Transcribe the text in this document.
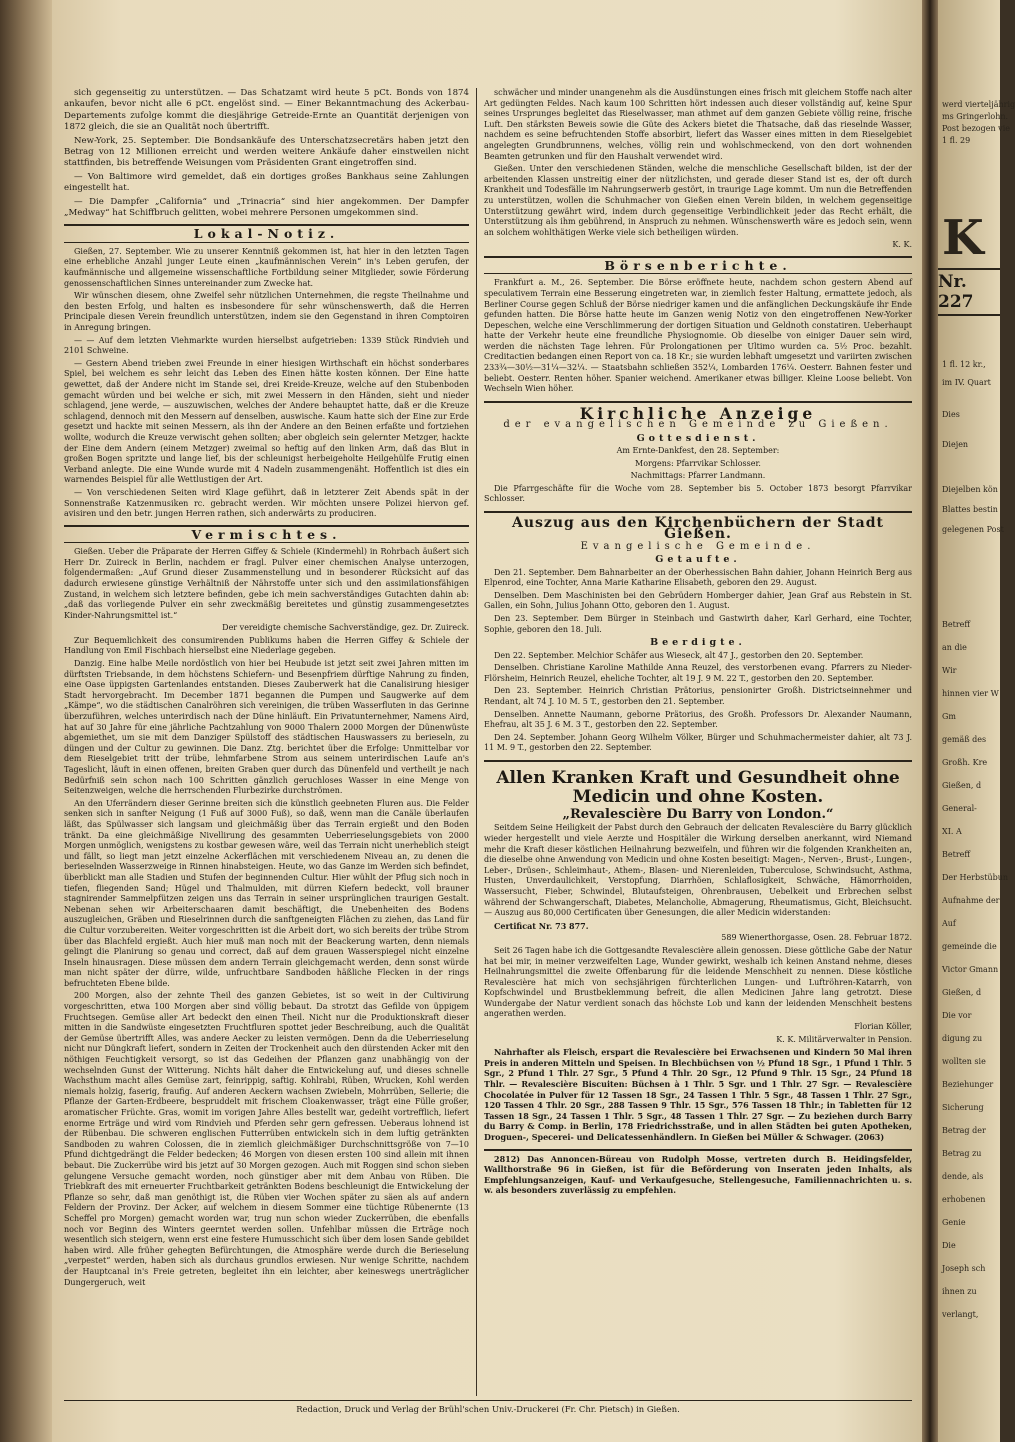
sich gegenseitig zu unterstützen. — Das Schatzamt wird heute 5 pCt. Bonds von 1874 ankaufen, bevor nicht alle 6 pCt. engelöst sind. — Einer Bekanntmachung des Ackerbau-Departements zufolge kommt die diesjährige Getreide-Ernte an Quantität derjenigen von 1872 gleich, die sie an Qualität noch übertrifft.

New-York, 25. September. Die Bondsankäufe des Unterschatzsecretärs haben jetzt den Betrag von 12 Millionen erreicht und werden weitere Ankäufe daher einstweilen nicht stattfinden, bis betreffende Weisungen vom Präsidenten Grant eingetroffen sind.

— Von Baltimore wird gemeldet, daß ein dortiges großes Bankhaus seine Zahlungen eingestellt hat.

— Die Dampfer „California“ und „Trinacria“ sind hier angekommen. Der Dampfer „Medway“ hat Schiffbruch gelitten, wobei mehrere Personen umgekommen sind.

Lokal-Notiz.

Gießen, 27. September. Wie zu unserer Kenntniß gekommen ist, hat hier in den letzten Tagen eine erhebliche Anzahl junger Leute einen „kaufmännischen Verein“ in's Leben gerufen, der kaufmännische und allgemeine wissenschaftliche Fortbildung seiner Mitglieder, sowie Förderung genossenschaftlichen Sinnes untereinander zum Zwecke hat.

Wir wünschen diesem, ohne Zweifel sehr nützlichen Unternehmen, die regste Theilnahme und den besten Erfolg, und halten es insbesondere für sehr wünschenswerth, daß die Herren Principale diesen Verein freundlich unterstützen, indem sie den Gegenstand in ihren Comptoiren in Anregung bringen.

— — Auf dem letzten Viehmarkte wurden hierselbst aufgetrieben: 1339 Stück Rindvieh und 2101 Schweine.

— Gestern Abend trieben zwei Freunde in einer hiesigen Wirthschaft ein höchst sonderbares Spiel, bei welchem es sehr leicht das Leben des Einen hätte kosten können. Der Eine hatte gewettet, daß der Andere nicht im Stande sei, drei Kreide-Kreuze, welche auf den Stubenboden gemacht würden und bei welche er sich, mit zwei Messern in den Händen, sieht und nieder schlagend, jene werde, — auszuwischen, welches der Andere behauptet hatte, daß er die Kreuze schlagend, dennoch mit den Messern auf denselben, auswische. Kaum hatte sich der Eine zur Erde gesetzt und hackte mit seinen Messern, als ihn der Andere an den Beinen erfaßte und fortziehen wollte, wodurch die Kreuze verwischt gehen sollten; aber obgleich sein gelernter Metzger, hackte der Eine dem Andern (einem Metzger) zweimal so heftig auf den linken Arm, daß das Blut in großen Bogen spritzte und lange lief, bis der schleunigst herbeigeholte Heilgehülfe Frutig einen Verband anlegte. Die eine Wunde wurde mit 4 Nadeln zusammengenäht. Hoffentlich ist dies ein warnendes Beispiel für alle Wettlustigen der Art.

— Von verschiedenen Seiten wird Klage geführt, daß in letzterer Zeit Abends spät in der Sonnenstraße Katzenmusiken rc. gebracht werden. Wir möchten unsere Polizei hiervon gef. avisiren und den betr. jungen Herren rathen, sich anderwärts zu produciren.

Vermischtes.

Gießen. Ueber die Präparate der Herren Giffey & Schiele (Kindermehl) in Rohrbach äußert sich Herr Dr. Zuireck in Berlin, nachdem er fragl. Pulver einer chemischen Analyse unterzogen, folgendermaßen: „Auf Grund dieser Zusammenstellung und in besonderer Rücksicht auf das dadurch erwiesene günstige Verhältniß der Nährstoffe unter sich und den assimilationsfähigen Zustand, in welchem sich letztere befinden, gebe ich mein sachverständiges Gutachten dahin ab: „daß das vorliegende Pulver ein sehr zweckmäßig bereitetes und günstig zusammengesetztes Kinder-Nahrungsmittel ist.“

Der vereidigte chemische Sachverständige, gez. Dr. Zuireck.

Zur Bequemlichkeit des consumirenden Publikums haben die Herren Giffey & Schiele der Handlung von Emil Fischbach hierselbst eine Niederlage gegeben.

Danzig. Eine halbe Meile nordöstlich von hier bei Heubude ist jetzt seit zwei Jahren mitten im dürftsten Triebsande, in dem höchstens Schiefern- und Besenpfriem dürftige Nahrung zu finden, eine Oase üppigsten Gartenlandes entstanden. Dieses Zauberwerk hat die Canalisirung hiesiger Stadt hervorgebracht. Im December 1871 begannen die Pumpen und Saugwerke auf dem „Kämpe“, wo die städtischen Canalröhren sich vereinigen, die trüben Wasserfluten in das Gerinne überzuführen, welches unterirdisch nach der Düne hinläuft. Ein Privatunternehmer, Namens Aird, hat auf 30 Jahre für eine jährliche Pachtzahlung von 9000 Thalern 2000 Morgen der Dünenwüste abgemiethet, um sie mit dem Danziger Spülstoff des städtischen Hauswassers zu berieseln, zu düngen und der Cultur zu gewinnen. Die Danz. Ztg. berichtet über die Erfolge: Unmittelbar vor dem Rieselgebiet tritt der trübe, lehmfarbene Strom aus seinem unterirdischen Laufe an's Tageslicht, läuft in einen offenen, breiten Graben quer durch das Dünenfeld und vertheilt je nach Bedürfniß sein schon nach 100 Schritten gänzlich geruchloses Wasser in eine Menge von Seitenzweigen, welche die herrschenden Flurbezirke durchströmen.

An den Uferrändern dieser Gerinne breiten sich die künstlich geebneten Fluren aus. Die Felder senken sich in sanfter Neigung (1 Fuß auf 3000 Fuß), so daß, wenn man die Canäle überlaufen läßt, das Spülwasser sich langsam und gleichmäßig über das Terrain ergießt und den Boden tränkt. Da eine gleichmäßige Nivellirung des gesammten Ueberrieselungsgebiets von 2000 Morgen unmöglich, wenigstens zu kostbar gewesen wäre, weil das Terrain nicht unerheblich steigt und fällt, so liegt man jetzt einzelne Ackerflächen mit verschiedenem Niveau an, zu denen die berieselnden Wasserzweige in Rinnen hinabsteigen. Heute, wo das Ganze im Werden sich befindet, überblickt man alle Stadien und Stufen der beginnenden Cultur. Hier wühlt der Pflug sich noch in tiefen, fliegenden Sand; Hügel und Thalmulden, mit dürren Kiefern bedeckt, voll brauner stagnirender Sammelpfützen zeigen uns das Terrain in seiner ursprünglichen traurigen Gestalt. Nebenan sehen wir Arbeiterschaaren damit beschäftigt, die Unebenheiten des Bodens auszugleichen, Gräben und Rieselrinnen durch die sanftgeneigten Flächen zu ziehen, das Land für die Cultur vorzubereiten. Weiter vorgeschritten ist die Arbeit dort, wo sich bereits der trübe Strom über das Blachfeld ergießt. Auch hier muß man noch mit der Beackerung warten, denn niemals gelingt die Planirung so genau und correct, daß auf dem grauen Wasserspiegel nicht einzelne Inseln hinausragen. Diese müssen dem andern Terrain gleichgemacht werden, denn sonst würde man nicht später der dürre, wilde, unfruchtbare Sandboden häßliche Flecken in der rings befruchteten Ebene bilde.

200 Morgen, also der zehnte Theil des ganzen Gebietes, ist so weit in der Cultivirung vorgeschritten, etwa 100 Morgen aber sind völlig bebaut. Da strotzt das Gefilde von üppigem Fruchtsegen. Gemüse aller Art bedeckt den einen Theil. Nicht nur die Produktionskraft dieser mitten in die Sandwüste eingesetzten Fruchtfluren spottet jeder Beschreibung, auch die Qualität der Gemüse übertrifft Alles, was andere Aecker zu leisten vermögen. Denn da die Ueberrieselung nicht nur Düngkraft liefert, sondern in Zeiten der Trockenheit auch den dürstenden Acker mit den nöthigen Feuchtigkeit versorgt, so ist das Gedeihen der Pflanzen ganz unabhängig von der wechselnden Gunst der Witterung. Nichts hält daher die Entwickelung auf, und dieses schnelle Wachsthum macht alles Gemüse zart, feinrippig, saftig. Kohlrabi, Rüben, Wrucken, Kohl werden niemals holzig, faserig, fraufig. Auf anderen Aeckern wachsen Zwiebeln, Mohrrüben, Sellerie; die Pflanze der Garten-Erdbeere, bespruddelt mit frischem Cloakenwasser, trägt eine Fülle großer, aromatischer Früchte. Gras, womit im vorigen Jahre Alles bestellt war, gedeiht vortrefflich, liefert enorme Erträge und wird vom Rindvieh und Pferden sehr gern gefressen. Ueberaus lohnend ist der Rübenbau. Die schweren englischen Futterrüben entwickeln sich in dem luftig getränkten Sandboden zu wahren Colossen, die in ziemlich gleichmäßiger Durchschnittsgröße von 7—10 Pfund dichtgedrängt die Felder bedecken; 46 Morgen von diesen ersten 100 sind allein mit ihnen bebaut. Die Zuckerrübe wird bis jetzt auf 30 Morgen gezogen. Auch mit Roggen sind schon sieben gelungene Versuche gemacht worden, noch günstiger aber mit dem Anbau von Rüben. Die Triebkraft des mit erneuerter Fruchtbarkeit getränkten Bodens beschleunigt die Entwickelung der Pflanze so sehr, daß man genöthigt ist, die Rüben vier Wochen später zu säen als auf andern Feldern der Provinz. Der Acker, auf welchem in diesem Sommer eine tüchtige Rübenernte (13 Scheffel pro Morgen) gemacht worden war, trug nun schon wieder Zuckerrüben, die ebenfalls noch vor Beginn des Winters geerntet werden sollen. Unfehlbar müssen die Erträge noch wesentlich sich steigern, wenn erst eine festere Humusschicht sich über dem losen Sande gebildet haben wird. Alle früher gehegten Befürchtungen, die Atmosphäre werde durch die Berieselung „verpestet“ werden, haben sich als durchaus grundlos erwiesen. Nur wenige Schritte, nachdem der Hauptcanal in's Freie getreten, begleitet ihn ein leichter, aber keineswegs unerträglicher Dungergeruch, weit

schwächer und minder unangenehm als die Ausdünstungen eines frisch mit gleichem Stoffe nach alter Art gedüngten Feldes. Nach kaum 100 Schritten hört indessen auch dieser vollständig auf, keine Spur seines Ursprunges begleitet das Rieselwasser, man athmet auf dem ganzen Gebiete völlig reine, frische Luft. Den stärksten Beweis sowie die Güte des Ackers bietet die Thatsache, daß das rieselnde Wasser, nachdem es seine befruchtenden Stoffe absorbirt, liefert das Wasser eines mitten in dem Rieselgebiet angelegten Grundbrunnens, welches, völlig rein und wohlschmeckend, von den dort wohnenden Beamten getrunken und für den Haushalt verwendet wird.

Gießen. Unter den verschiedenen Ständen, welche die menschliche Gesellschaft bilden, ist der der arbeitenden Klassen unstreitig einer der nützlichsten, und gerade dieser Stand ist es, der oft durch Krankheit und Todesfälle im Nahrungserwerb gestört, in traurige Lage kommt. Um nun die Betreffenden zu unterstützen, wollen die Schuhmacher von Gießen einen Verein bilden, in welchem gegenseitige Unterstützung gewährt wird, indem durch gegenseitige Verbindlichkeit jeder das Recht erhält, die Unterstützung als ihm gebührend, in Anspruch zu nehmen. Wünschenswerth wäre es jedoch sein, wenn an solchem wohlthätigen Werke viele sich betheiligen würden.

K. K.

Börsenberichte.

Frankfurt a. M., 26. September. Die Börse eröffnete heute, nachdem schon gestern Abend auf speculativem Terrain eine Besserung eingetreten war, in ziemlich fester Haltung, ermattete jedoch, als Berliner Course gegen Schluß der Börse niedriger kamen und die anfänglichen Deckungskäufe ihr Ende gefunden hatten. Die Börse hatte heute im Ganzen wenig Notiz von den eingetroffenen New-Yorker Depeschen, welche eine Verschlimmerung der dortigen Situation und Geldnoth constatiren. Ueberhaupt hatte der Verkehr heute eine freundliche Physiognomie. Ob dieselbe von einiger Dauer sein wird, werden die nächsten Tage lehren. Für Prolongationen per Ultimo wurden ca. 5½ Proc. bezahlt. Creditactien bedangen einen Report von ca. 18 Kr.; sie wurden lebhaft umgesetzt und variirten zwischen 233¾—30½—31¼—32¼. — Staatsbahn schließen 352¼, Lombarden 176¼. Oesterr. Bahnen fester und beliebt. Oesterr. Renten höher. Spanier weichend. Amerikaner etwas billiger. Kleine Loose beliebt. Von Wechseln Wien höher.

Kirchliche Anzeige
der evangelischen Gemeinde zu Gießen.
Gottesdienst.

Am Ernte-Dankfest, den 28. September:

Morgens: Pfarrvikar Schlosser.

Nachmittags: Pfarrer Landmann.

Die Pfarrgeschäfte für die Woche vom 28. September bis 5. October 1873 besorgt Pfarrvikar Schlosser.

Auszug aus den Kirchenbüchern der Stadt Gießen.
Evangelische Gemeinde.
Getaufte.

Den 21. September. Dem Bahnarbeiter an der Oberhessischen Bahn dahier, Johann Heinrich Berg aus Elpenrod, eine Tochter, Anna Marie Katharine Elisabeth, geboren den 29. August.

Denselben. Dem Maschinisten bei den Gebrüdern Homberger dahier, Jean Graf aus Rebstein in St. Gallen, ein Sohn, Julius Johann Otto, geboren den 1. August.

Den 23. September. Dem Bürger in Steinbach und Gastwirth daher, Karl Gerhard, eine Tochter, Sophie, geboren den 18. Juli.

Beerdigte.

Den 22. September. Melchior Schäfer aus Wieseck, alt 47 J., gestorben den 20. September.

Denselben. Christiane Karoline Mathilde Anna Reuzel, des verstorbenen evang. Pfarrers zu Nieder-Flörsheim, Heinrich Reuzel, eheliche Tochter, alt 19 J. 9 M. 22 T., gestorben den 20. September.

Den 23. September. Heinrich Christian Prätorius, pensionirter Großh. Districtseinnehmer und Rendant, alt 74 J. 10 M. 5 T., gestorben den 21. September.

Denselben. Annette Naumann, geborne Prätorius, des Großh. Professors Dr. Alexander Naumann, Ehefrau, alt 35 J. 6 M. 3 T., gestorben den 22. September.

Den 24. September. Johann Georg Wilhelm Völker, Bürger und Schuhmachermeister dahier, alt 73 J. 11 M. 9 T., gestorben den 22. September.

Allen Kranken Kraft und Gesundheit ohne Medicin und ohne Kosten.
„Revalescière Du Barry von London.“

Seitdem Seine Heiligkeit der Pabst durch den Gebrauch der delicaten Revalescière du Barry glücklich wieder hergestellt und viele Aerzte und Hospitäler die Wirkung derselben anerkannt, wird Niemand mehr die Kraft dieser köstlichen Heilnahrung bezweifeln, und führen wir die folgenden Krankheiten an, die dieselbe ohne Anwendung von Medicin und ohne Kosten beseitigt: Magen-, Nerven-, Brust-, Lungen-, Leber-, Drüsen-, Schleimhaut-, Athem-, Blasen- und Nierenleiden, Tuberculose, Schwindsucht, Asthma, Husten, Unverdaulichkeit, Verstopfung, Diarrhöen, Schlaflosigkeit, Schwäche, Hämorrhoiden, Wassersucht, Fieber, Schwindel, Blutaufsteigen, Ohrenbrausen, Uebelkeit und Erbrechen selbst während der Schwangerschaft, Diabetes, Melancholie, Abmagerung, Rheumatismus, Gicht, Bleichsucht. — Auszug aus 80,000 Certificaten über Genesungen, die aller Medicin widerstanden:

Certificat Nr. 73 877.

589 Wienerthorgasse, Osen. 28. Februar 1872.

Seit 26 Tagen habe ich die Gottgesandte Revalescière allein genossen. Diese göttliche Gabe der Natur hat bei mir, in meiner verzweifelten Lage, Wunder gewirkt, weshalb ich keinen Anstand nehme, dieses Heilnahrungsmittel die zweite Offenbarung für die leidende Menschheit zu nennen. Diese köstliche Revalescière hat mich von sechsjährigen fürchterlichen Lungen- und Luftröhren-Katarrh, von Kopfschwindel und Brustbeklemmung befreit, die allen Medicinen Jahre lang getrotzt. Diese Wundergabe der Natur verdient sonach das höchste Lob und kann der leidenden Menschheit bestens angerathen werden.

Florian Köller,

K. K. Militärverwalter in Pension.

Nahrhafter als Fleisch, erspart die Revalescière bei Erwachsenen und Kindern 50 Mal ihren Preis in anderen Mitteln und Speisen. In Blechbüchsen von ½ Pfund 18 Sgr., 1 Pfund 1 Thlr. 5 Sgr., 2 Pfund 1 Thlr. 27 Sgr., 5 Pfund 4 Thlr. 20 Sgr., 12 Pfund 9 Thlr. 15 Sgr., 24 Pfund 18 Thlr. — Revalescière Biscuiten: Büchsen à 1 Thlr. 5 Sgr. und 1 Thlr. 27 Sgr. — Revalescière Chocolatée in Pulver für 12 Tassen 18 Sgr., 24 Tassen 1 Thlr. 5 Sgr., 48 Tassen 1 Thlr. 27 Sgr., 120 Tassen 4 Thlr. 20 Sgr., 288 Tassen 9 Thlr. 15 Sgr., 576 Tassen 18 Thlr.; in Tabletten für 12 Tassen 18 Sgr., 24 Tassen 1 Thlr. 5 Sgr., 48 Tassen 1 Thlr. 27 Sgr. — Zu beziehen durch Barry du Barry & Comp. in Berlin, 178 Friedrichsstraße, und in allen Städten bei guten Apotheken, Droguen-, Specerei- und Delicatessenhändlern. In Gießen bei Müller & Schwager. (2063)

2812) Das Annoncen-Büreau von Rudolph Mosse, vertreten durch B. Heidingsfelder, Wallthorstraße 96 in Gießen, ist für die Beförderung von Inseraten jeden Inhalts, als Empfehlungsanzeigen, Kauf- und Verkaufgesuche, Stellengesuche, Familiennachrichten u. s. w. als besonders zuverlässig zu empfehlen.

Redaction, Druck und Verlag der Brühl'schen Univ.-Druckerei (Fr. Chr. Pietsch) in Gießen.
werd vierteljährig
ms Gringerlohn.
Post bezogen vie
1 fl. 29
K
Nr. 227
1 fl. 12 kr.,
im IV. Quart
Dies
Diejen
Diejelben kön
Blattes bestin
gelegenen Post
Betreff
an die
Wir
hinnen vier W
Gm
gemäß des
Großh. Kre
Gießen, d
General-
XI. A
Betreff
Der Herbstübun
Aufnahme der
Auf
gemeinde die
Victor Gmann
Gießen, d
Die vor
digung zu
wollten sie
Beziehunger
Sicherung
Betrag der
Betrag zu
dende, als
erhobenen
Genie
Die
Joseph sch
ihnen zu
verlangt,
